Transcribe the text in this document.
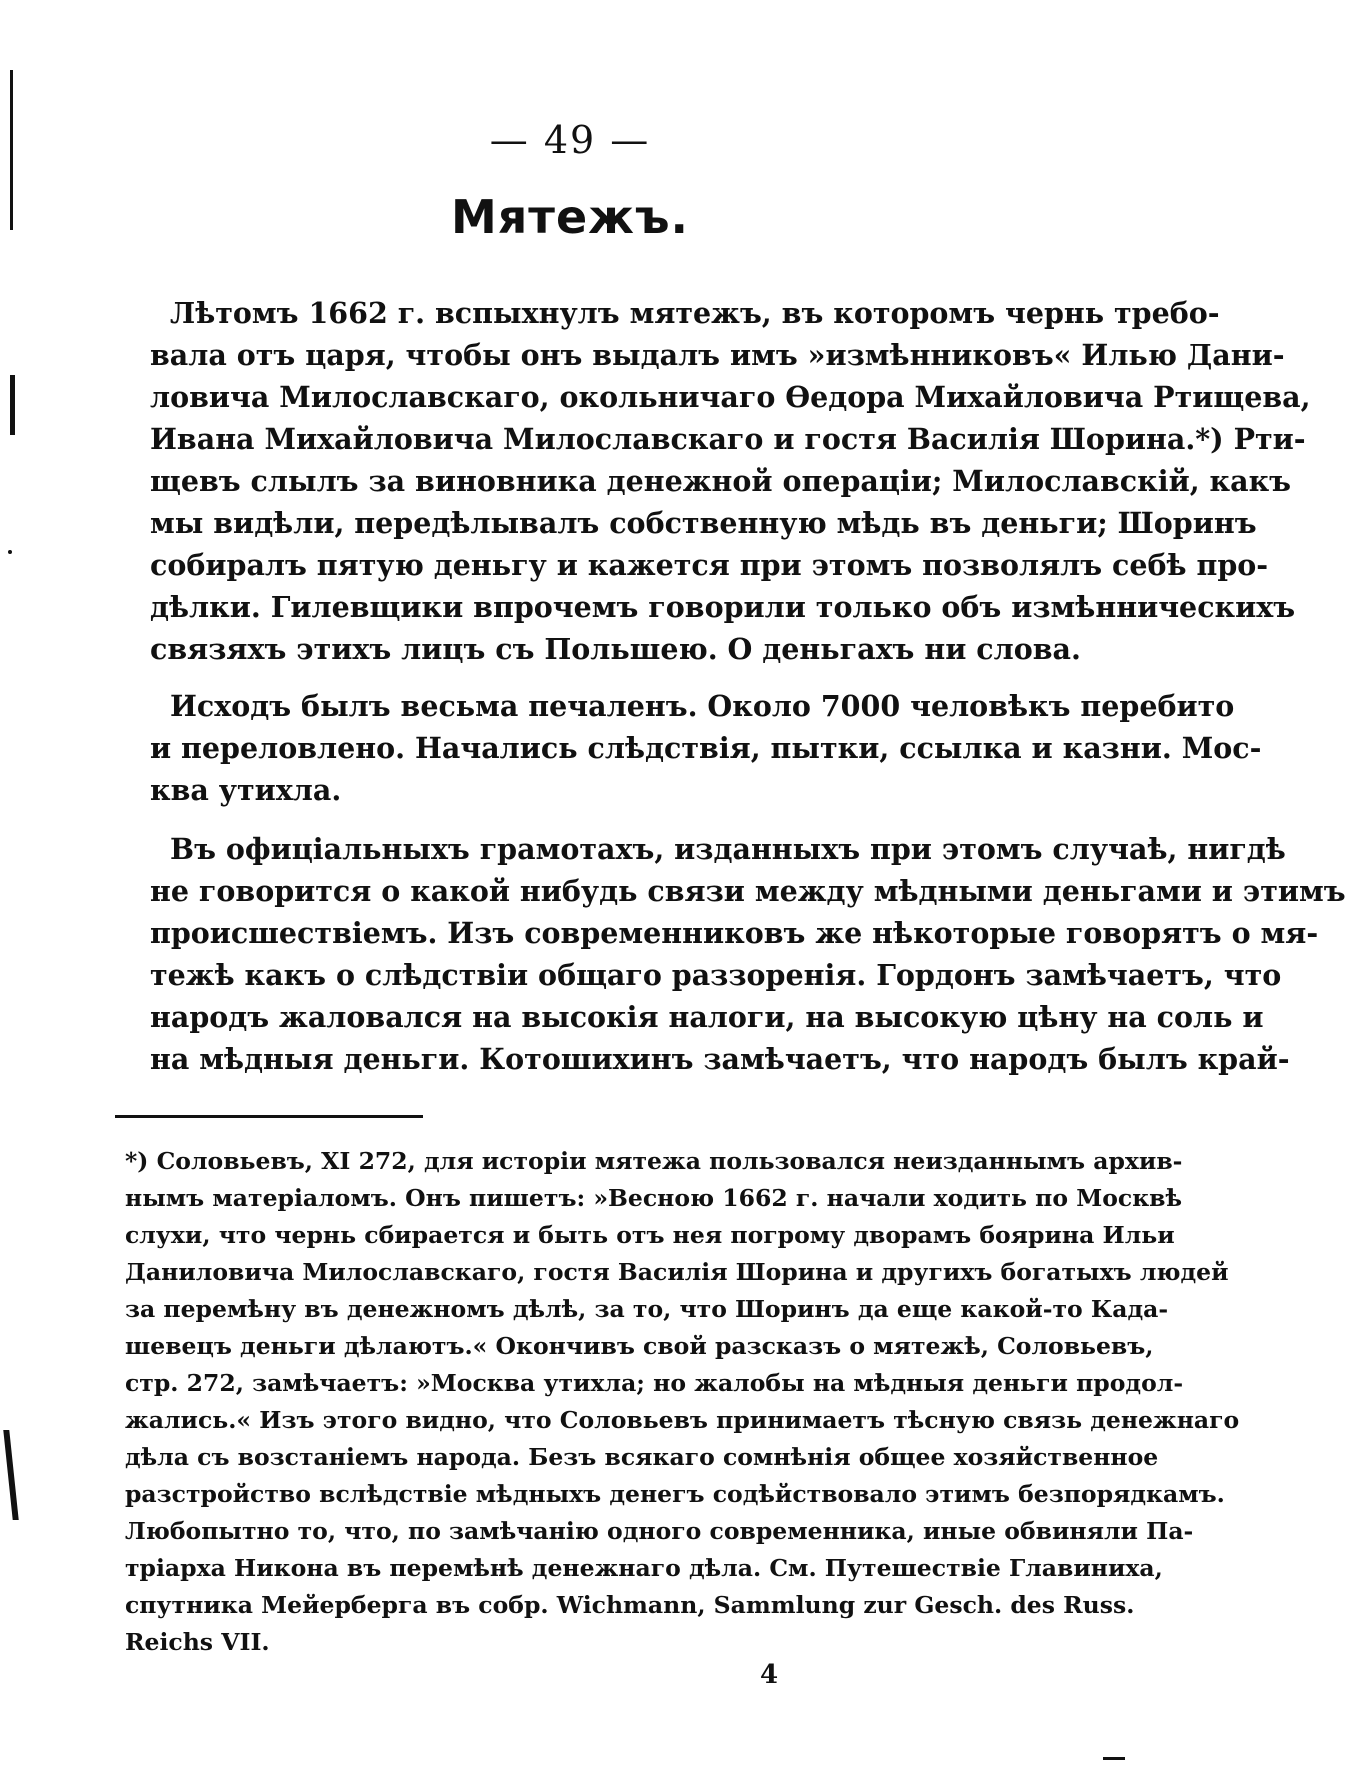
— 49 —
Мятежъ.
Лѣтомъ 1662 г. вспыхнулъ мятежъ, въ которомъ чернь требо-
вала отъ царя, чтобы онъ выдалъ имъ »измѣнниковъ« Илью Дани-
ловича Милославскаго, окольничаго Ѳедора Михайловича Ртищева,
Ивана Михайловича Милославскаго и гостя Василія Шорина.*) Рти-
щевъ слылъ за виновника денежной операціи; Милославскій, какъ
мы видѣли, передѣлывалъ собственную мѣдь въ деньги; Шоринъ
собиралъ пятую деньгу и кажется при этомъ позволялъ себѣ про-
дѣлки. Гилевщики впрочемъ говорили только объ измѣнническихъ
связяхъ этихъ лицъ съ Польшею. О деньгахъ ни слова.
Исходъ былъ весьма печаленъ. Около 7000 человѣкъ перебито
и переловлено. Начались слѣдствія, пытки, ссылка и казни. Мос-
ква утихла.
Въ офиціальныхъ грамотахъ, изданныхъ при этомъ случаѣ, нигдѣ
не говорится о какой нибудь связи между мѣдными деньгами и этимъ
происшествіемъ. Изъ современниковъ же нѣкоторые говорятъ о мя-
тежѣ какъ о слѣдствіи общаго раззоренія. Гордонъ замѣчаетъ, что
народъ жаловался на высокія налоги, на высокую цѣну на соль и
на мѣдныя деньги. Котошихинъ замѣчаетъ, что народъ былъ край-
*) Соловьевъ, XI 272, для исторіи мятежа пользовался неизданнымъ архив-
нымъ матеріаломъ. Онъ пишетъ: »Весною 1662 г. начали ходить по Москвѣ
слухи, что чернь сбирается и быть отъ нея погрому дворамъ боярина Ильи
Даниловича Милославскаго, гостя Василія Шорина и другихъ богатыхъ людей
за перемѣну въ денежномъ дѣлѣ, за то, что Шоринъ да еще какой-то Када-
шевецъ деньги дѣлаютъ.« Окончивъ свой разсказъ о мятежѣ, Соловьевъ,
стр. 272, замѣчаетъ: »Москва утихла; но жалобы на мѣдныя деньги продол-
жались.« Изъ этого видно, что Соловьевъ принимаетъ тѣсную связь денежнаго
дѣла съ возстаніемъ народа. Безъ всякаго сомнѣнія общее хозяйственное
разстройство вслѣдствіе мѣдныхъ денегъ содѣйствовало этимъ безпорядкамъ.
Любопытно то, что, по замѣчанію одного современника, иные обвиняли Па-
тріарха Никона въ перемѣнѣ денежнаго дѣла. См. Путешествіе Главиниха,
спутника Мейерберга въ собр. Wichmann, Sammlung zur Gesch. des Russ.
Reichs VII.
4
